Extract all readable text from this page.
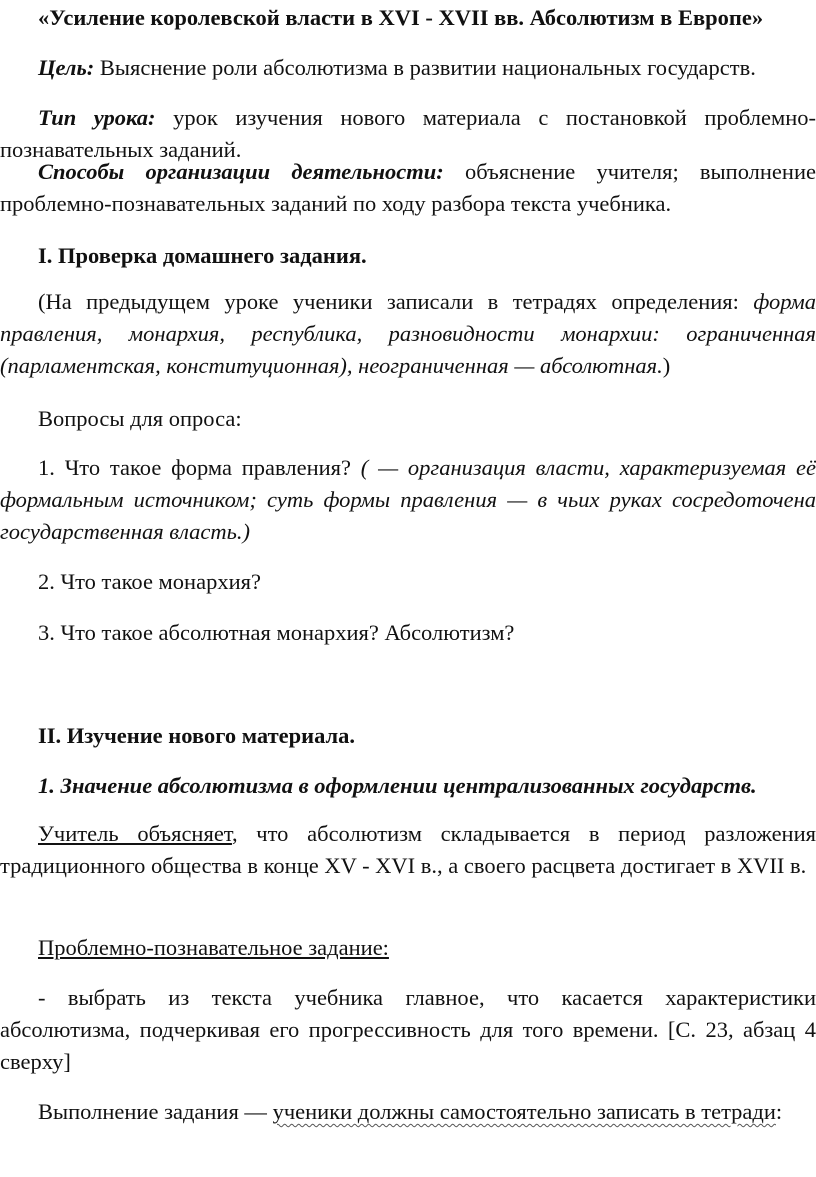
«Усиление королевской власти в XVI - XVII вв. Абсолютизм в Европе»

Цель: Выяснение роли абсолютизма в развитии национальных государств.

Тип урока: урок изучения нового материала с постановкой проблемно-познавательных заданий.

Способы организации деятельности: объяснение учителя; выполнение проблемно-познавательных заданий по ходу разбора текста учебника.

I. Проверка домашнего задания.

(На предыдущем уроке ученики записали в тетрадях определения: форма правления, монархия, республика, разновидности монархии: ограниченная (парламентская, конституционная), неограниченная — абсолютная.)

Вопросы для опроса:

1. Что такое форма правления? ( — организация власти, характеризуемая её формальным источником; суть формы правления — в чьих руках сосредоточена государственная власть.)

2. Что такое монархия?

3. Что такое абсолютная монархия? Абсолютизм?

II. Изучение нового материала.

1. Значение абсолютизма в оформлении централизованных государств.

Учитель объясняет, что абсолютизм складывается в период разложения традиционного общества в конце XV - XVI в., а своего расцвета достигает в XVII в.

Проблемно-познавательное задание:

- выбрать из текста учебника главное, что касается характеристики абсолютизма, подчеркивая его прогрессивность для того времени. [С. 23, абзац 4 сверху]

Выполнение задания — ученики должны самостоятельно записать в тетради:
